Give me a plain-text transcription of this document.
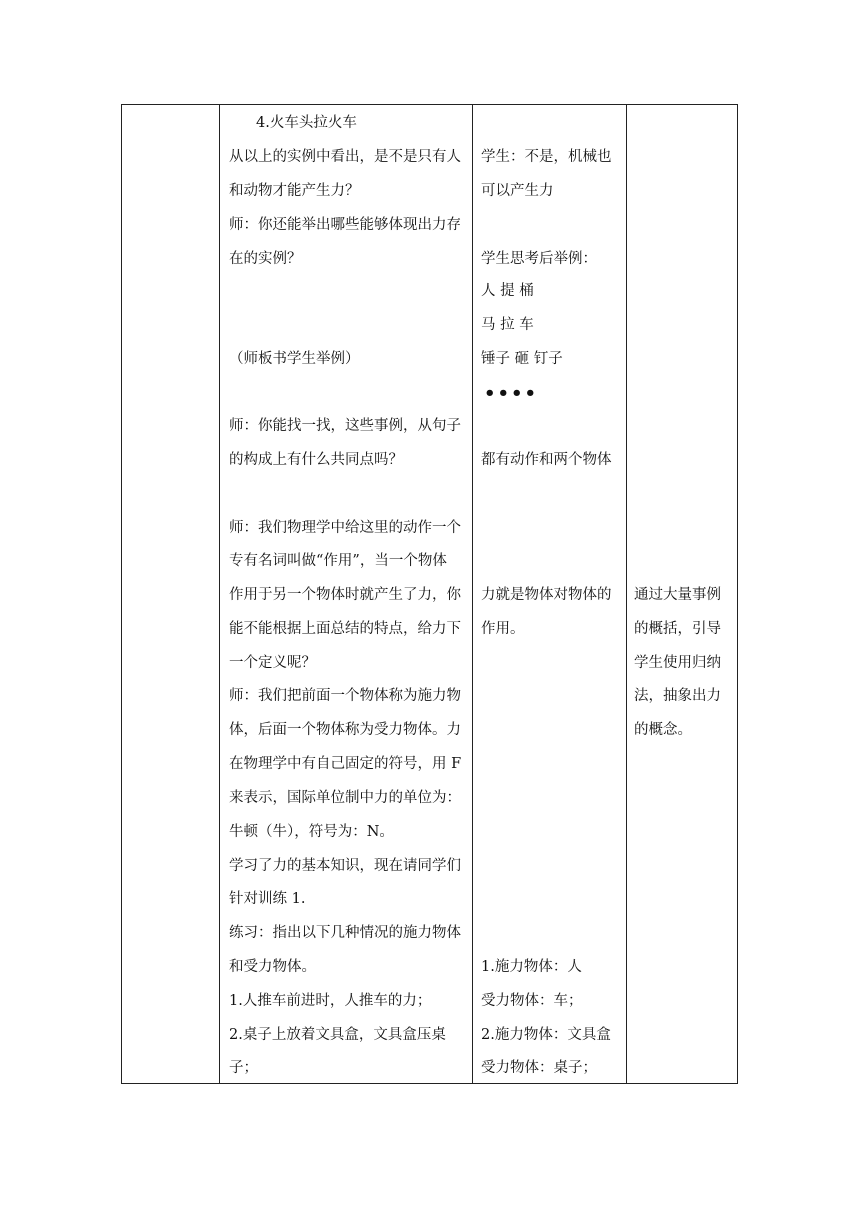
4.火车头拉火车
从以上的实例中看出，是不是只有人
和动物才能产生力？
师：你还能举出哪些能够体现出力存
在的实例？
（师板书学生举例）
师：你能找一找，这些事例，从句子
的构成上有什么共同点吗？
师：我们物理学中给这里的动作一个
专有名词叫做“作用”，当一个物体
作用于另一个物体时就产生了力，你
能不能根据上面总结的特点，给力下
一个定义呢？
师：我们把前面一个物体称为施力物
体，后面一个物体称为受力物体。力
在物理学中有自己固定的符号，用 F
来表示，国际单位制中力的单位为：
牛顿（牛），符号为：N。
学习了力的基本知识，现在请同学们
针对训练 1.
练习：指出以下几种情况的施力物体
和受力物体。
1.人推车前进时，人推车的力；
2.桌子上放着文具盒，文具盒压桌
子；
学生：不是，机械也
可以产生力
学生思考后举例：
人 提 桶
马 拉 车
锤子 砸 钉子
••••
都有动作和两个物体
力就是物体对物体的
作用。
1.施力物体：人
受力物体：车；
2.施力物体：文具盒
受力物体：桌子；
通过大量事例
的概括，引导
学生使用归纳
法，抽象出力
的概念。
